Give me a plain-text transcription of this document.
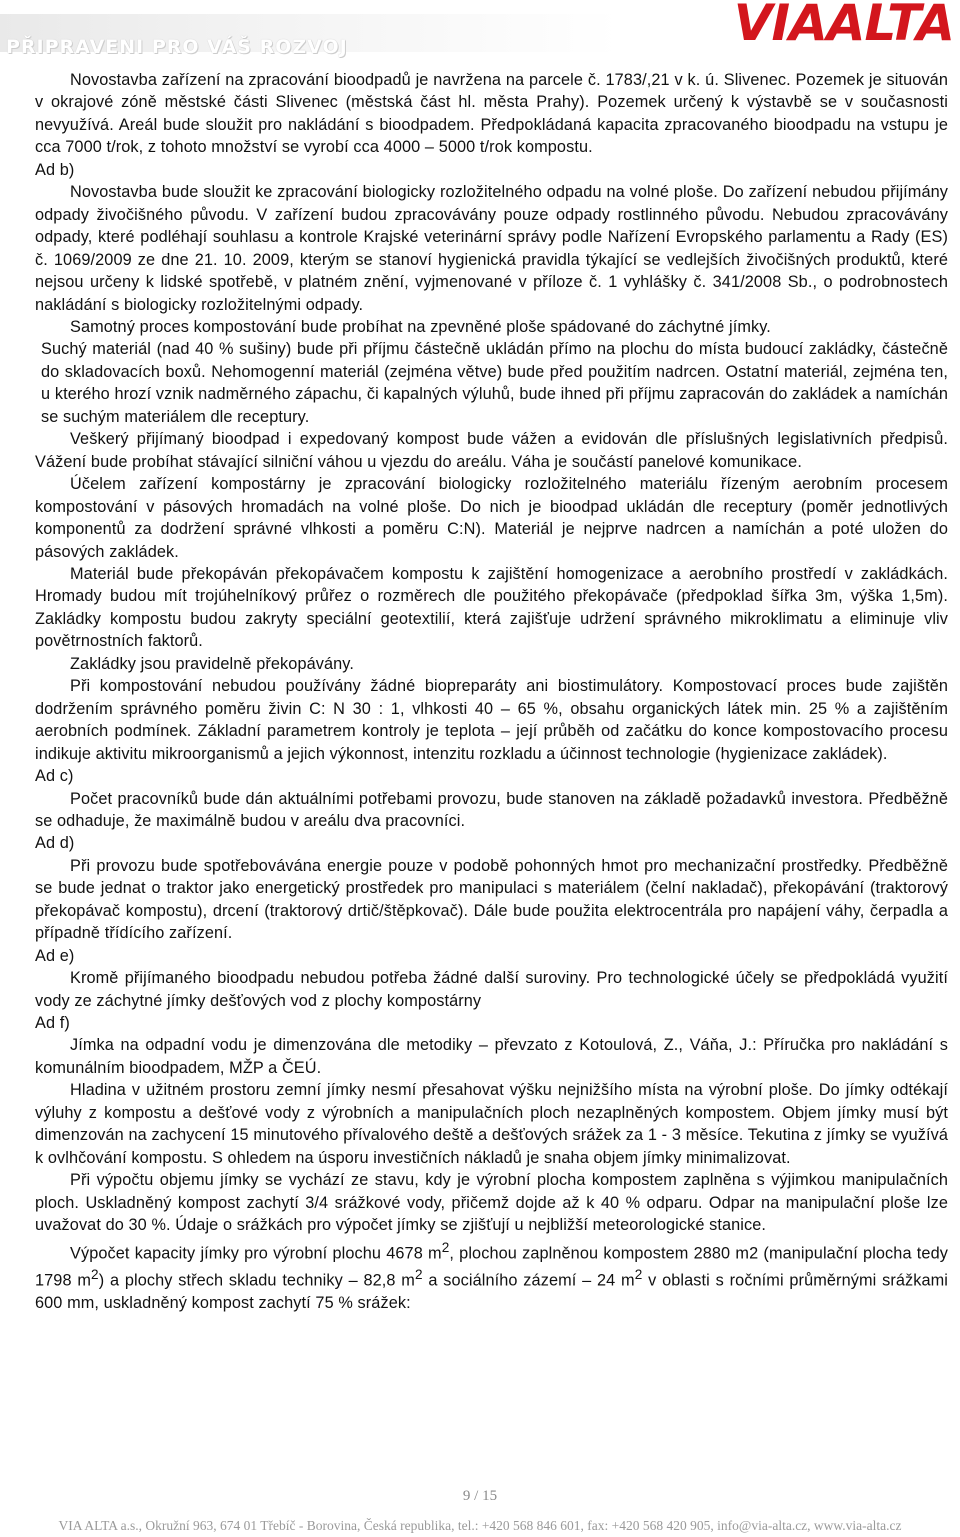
PŘIPRAVENI PRO VÁŠ ROZVOJ	VIAALTA

Novostavba zařízení na zpracování bioodpadů je navržena na parcele č. 1783/,21 v k. ú. Slivenec. Pozemek je situován v okrajové zóně městské části Slivenec (městská část hl. města Prahy). Pozemek určený k výstavbě se v současnosti nevyužívá. Areál bude sloužit pro nakládání s bioodpadem. Předpokládaná kapacita zpracovaného bioodpadu na vstupu je cca 7000 t/rok, z tohoto množství se vyrobí cca 4000 – 5000 t/rok kompostu.

Ad b)

Novostavba bude sloužit ke zpracování biologicky rozložitelného odpadu na volné ploše. Do zařízení nebudou přijímány odpady živočišného původu. V zařízení budou zpracovávány pouze odpady rostlinného původu. Nebudou zpracovávány odpady, které podléhají souhlasu a kontrole Krajské veterinární správy podle Nařízení Evropského parlamentu a Rady (ES) č. 1069/2009 ze dne 21. 10. 2009, kterým se stanoví hygienická pravidla týkající se vedlejších živočišných produktů, které nejsou určeny k lidské spotřebě, v platném znění, vyjmenované v příloze č. 1 vyhlášky č. 341/2008 Sb., o podrobnostech nakládání s biologicky rozložitelnými odpady.

Samotný proces kompostování bude probíhat na zpevněné ploše spádované do záchytné jímky.

Suchý materiál (nad 40 % sušiny) bude při příjmu částečně ukládán přímo na plochu do místa budoucí zakládky, částečně do skladovacích boxů. Nehomogenní materiál (zejména větve) bude před použitím nadrcen. Ostatní materiál, zejména ten, u kterého hrozí vznik nadměrného zápachu, či kapalných výluhů, bude ihned při příjmu zapracován do zakládek a namíchán se suchým materiálem dle receptury.

Veškerý přijímaný bioodpad i expedovaný kompost bude vážen a evidován dle příslušných legislativních předpisů. Vážení bude probíhat stávající silniční váhou u vjezdu do areálu. Váha je součástí panelové komunikace.

Účelem zařízení kompostárny je zpracování biologicky rozložitelného materiálu řízeným aerobním procesem kompostování v pásových hromadách na volné ploše. Do nich je bioodpad ukládán dle receptury (poměr jednotlivých komponentů za dodržení správné vlhkosti a poměru C:N). Materiál je nejprve nadrcen a namíchán a poté uložen do pásových zakládek.

Materiál bude překopáván překopávačem kompostu k zajištění homogenizace a aerobního prostředí v zakládkách. Hromady budou mít trojúhelníkový průřez o rozměrech dle použitého překopávače (předpoklad šířka 3m, výška 1,5m). Zakládky kompostu budou zakryty speciální geotextilií, která zajišťuje udržení správného mikroklimatu a eliminuje vliv povětrnostních faktorů.

Zakládky jsou pravidelně překopávány.

Při kompostování nebudou používány žádné biopreparáty ani biostimulátory. Kompostovací proces bude zajištěn dodržením správného poměru živin C: N 30 : 1, vlhkosti 40 – 65 %, obsahu organických látek min. 25 % a zajištěním aerobních podmínek. Základní parametrem kontroly je teplota – její průběh od začátku do konce kompostovacího procesu indikuje aktivitu mikroorganismů a jejich výkonnost, intenzitu rozkladu a účinnost technologie (hygienizace zakládek).

Ad c)

Počet pracovníků bude dán aktuálními potřebami provozu, bude stanoven na základě požadavků investora. Předběžně se odhaduje, že maximálně budou v areálu dva pracovníci.

Ad d)

Při provozu bude spotřebovávána energie pouze v podobě pohonných hmot pro mechanizační prostředky. Předběžně se bude jednat o traktor jako energetický prostředek pro manipulaci s materiálem (čelní nakladač), překopávání (traktorový překopávač kompostu), drcení (traktorový drtič/štěpkovač). Dále bude použita elektrocentrála pro napájení váhy, čerpadla a případně třídícího zařízení.

Ad e)

Kromě přijímaného bioodpadu nebudou potřeba žádné další suroviny. Pro technologické účely se předpokládá využití vody ze záchytné jímky dešťových vod z plochy kompostárny

Ad f)

Jímka na odpadní vodu je dimenzována dle metodiky – převzato z Kotoulová, Z., Váňa, J.: Příručka pro nakládání s komunálním bioodpadem, MŽP a ČEÚ.

Hladina v užitném prostoru zemní jímky nesmí přesahovat výšku nejnižšího místa na výrobní ploše. Do jímky odtékají výluhy z kompostu a dešťové vody z výrobních a manipulačních ploch nezaplněných kompostem. Objem jímky musí být dimenzován na zachycení 15 minutového přívalového deště a dešťových srážek za 1 - 3 měsíce. Tekutina z jímky se využívá k ovlhčování kompostu. S ohledem na úsporu investičních nákladů je snaha objem jímky minimalizovat.

Při výpočtu objemu jímky se vychází ze stavu, kdy je výrobní plocha kompostem zaplněna s výjimkou manipulačních ploch. Uskladněný kompost zachytí 3/4 srážkové vody, přičemž dojde až k 40 % odparu. Odpar na manipulační ploše lze uvažovat do 30 %. Údaje o srážkách pro výpočet jímky se zjišťují u nejbližší meteorologické stanice.

Výpočet kapacity jímky pro výrobní plochu 4678 $m^2$, plochou zaplněnou kompostem 2880 m2 (manipulační plocha tedy 1798 $m^2$) a plochy střech skladu techniky – 82,8 $m^2$ a sociálního zázemí – 24 $m^2$ v oblasti s ročními průměrnými srážkami 600 mm, uskladněný kompost zachytí 75 % srážek:

9 / 15
VIA ALTA a.s., Okružní 963, 674 01 Třebíč - Borovina, Česká republika, tel.: +420 568 846 601, fax: +420 568 420 905, info@via-alta.cz, www.via-alta.cz
